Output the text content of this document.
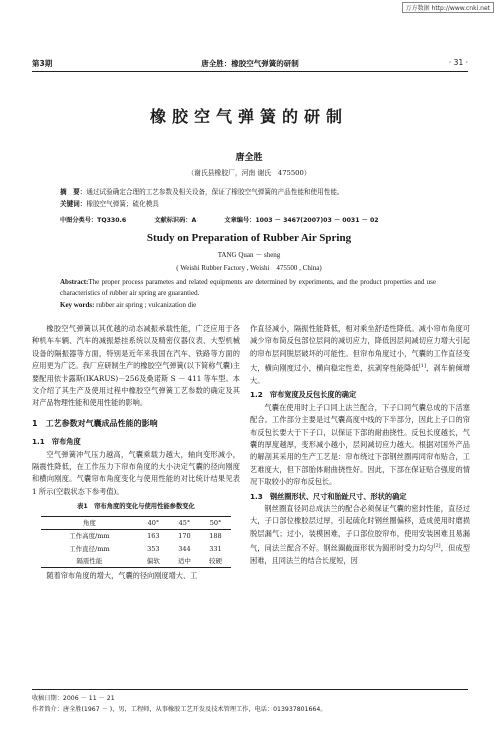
万方数据 http://www.cnki.net
第3期	唐全胜：橡胶空气弹簧的研制	· 31 ·
橡胶空气弹簧的研制
唐全胜
（谢氏县橡胶厂，河南 谢氏　475500）
摘　要：通过试验确定合理的工艺参数及相关设备，保证了橡胶空气弹簧的产品性能和使用性能。
关键词：橡胶空气弹簧；硫化模具
中图分类号：TQ330.6	文献标识码：A	文章编号：1003 － 3467(2007)03 － 0031 － 02
Study on Preparation of Rubber Air Spring
TANG Quan － sheng
( Weishi Rubber Factory , Weishi　475500 , China)
Abstract:The proper process parametes and related equipments are determined by experiments, and the product properties and use characteristics of rubber air spring are guarantied.
Key words: rubber air spring ; vulcanization die

橡胶空气弹簧以其优越的动态减振承载性能，广泛应用于各种机车车辆、汽车的减振悬挂系统以及精密仪器仪表、大型机械设备的隔振器等方面，特别是近年来我国在汽车、铁路等方面的应用更为广泛。我厂应研制生产的橡胶空气弹簧(以下简称气囊)主要配用依卡露斯(IKARUS)－256及桑诺斯 S － 411 等车型。本文介绍了其生产及使用过程中橡胶空气弹簧工艺参数的确定及其对产品物理性能和使用性能的影响。

1　工艺参数对气囊成品性能的影响
1.1　帘布角度

空气弹簧冲气压力越高，气囊乘载力越大，轴向变形减小，隔震性降低，在工作压力下帘布角度的大小决定气囊的径向刚度和横向刚度。气囊帘布角度变化与使用性能的对比统计结果见表 1 所示(空载状态下参考值)。

表1　帘布角度的变化与使用性能参数变化
角度	40°	45°	50°
工作高度/mm	163	170	188
工作直径/mm	353	344	331
隔震性能	偏软	适中	较硬

随着帘布角度的增大，气囊的径向刚度增大、工

作直径减小，隔振性能降低，相对乘坐舒适性降低。减小帘布角度可减少帘布简反包部位层间的减切应力，降低因层间减切应力增大引起的帘布层间脱层破坏的可能性。但帘布角度过小，气囊的工作直径变大，横向刚度过小，横向稳定性差，抗剥穿性能降低[1]，剥车俯倾增大。

1.2　帘布宽度及反包长度的确定

气囊在使用时上子口同上法兰配合，下子口同气囊总成的下活塞配合。工作部分主要是过气囊高度中线的下半部分，因此上子口的帘布反包长要大于下子口，以保证下部的耐曲挠性。反包长度越长，气囊的厚度越厚，变形减小越小，层间减切应力越大。根据对国外产品的解剖其采用的生产工艺是：帘布绕过下部钢丝圈再同帘布贴合，工艺难度大，但下部胎体耐曲挠性好。因此，下部在保证贴合强度的情况下取较小的帘布反包长。

1.3　钢丝圈形状、尺寸和胎趾尺寸、形状的确定

钢丝圈直径同总成法兰的配合必须保证气囊的密封性能，直径过大，子口部位橡胶层过厚，引起硫化时钢丝圈偏移，造成使用时磨损脱层漏气；过小，装模困难，子口部位胶帘布，使用安装困难且易漏气，同法兰配合不好。钢丝圈截面形状为圆形时受力均匀[2]，但成型困难，且同法兰的结合长度短，因

收稿日期：2006 － 11 － 21
作者简介：唐全胜(1967 － )，男，工程师，从事橡胶工艺开发及技术管理工作，电话：013937801664。
